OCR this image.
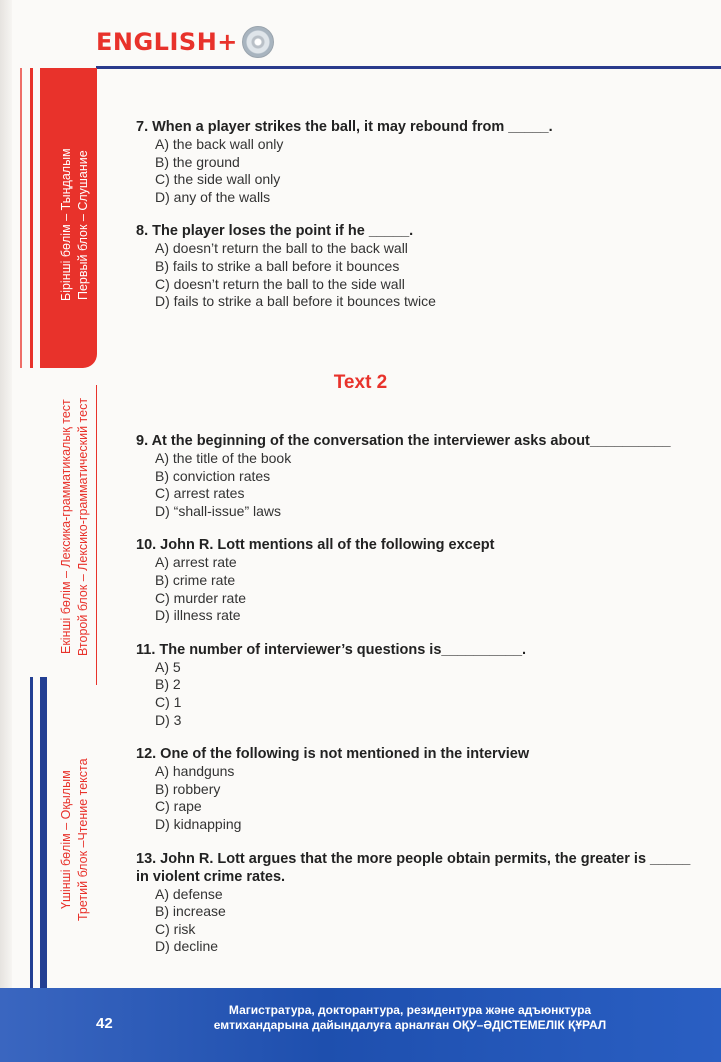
ENGLISH+
Бірінші бөлім – Тыңдалым Первый блок – Слушание
Екінші бөлім – Лексика-грамматикалық тест Второй блок – Лексико-грамматический тест
Үшінші бөлім – Оқылым Третий блок –Чтение текста
7. When a player strikes the ball, it may rebound from _____.
A) the back wall only
B) the ground
C) the side wall only
D) any of the walls
8. The player loses the point if he _____.
A) doesn’t return the ball to the back wall
B) fails to strike a ball before it bounces
C) doesn’t return the ball to the side wall
D) fails to strike a ball before it bounces twice
Text 2
9. At the beginning of the conversation the interviewer asks about__________
A) the title of the book
B) conviction rates
C) arrest rates
D) “shall-issue” laws
10. John R. Lott mentions all of the following except
A) arrest rate
B) crime rate
C) murder rate
D) illness rate
11. The number of interviewer’s questions is__________.
A) 5
B) 2
C) 1
D) 3
12. One of the following is not mentioned in the interview
A) handguns
B) robbery
C) rape
D) kidnapping
13. John R. Lott argues that the more people obtain permits, the greater is _____ in violent crime rates.
A) defense
B) increase
C) risk
D) decline
42
Магистратура, докторантура, резидентура және адъюнктура
емтихандарына дайындалуға арналған ОҚУ–ӘДІСТЕМЕЛІК ҚҰРАЛ
